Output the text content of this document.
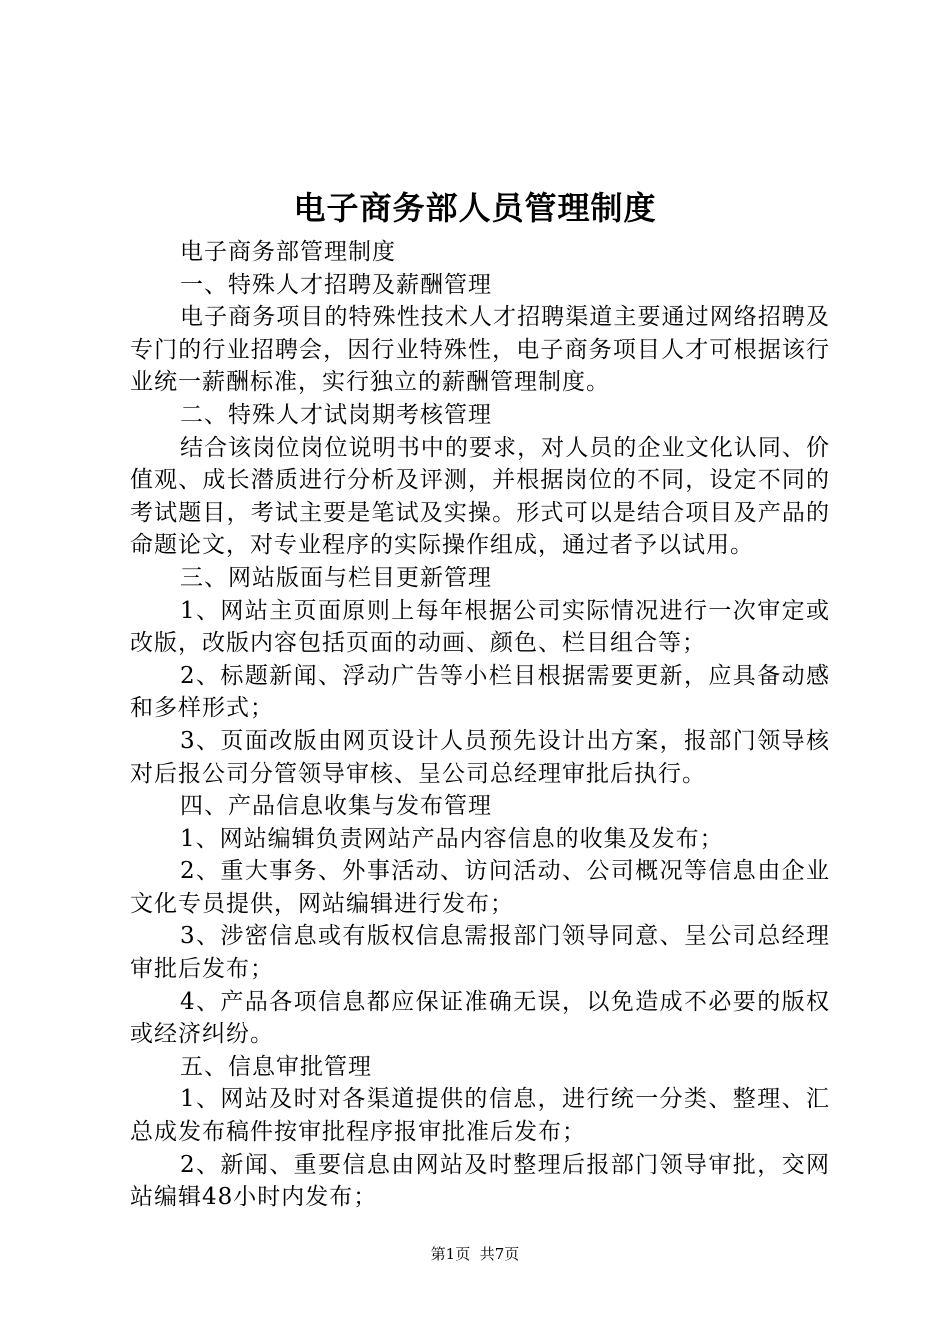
电子商务部人员管理制度

电子商务部管理制度

一、特殊人才招聘及薪酬管理

电子商务项目的特殊性技术人才招聘渠道主要通过网络招聘及专门的行业招聘会，因行业特殊性，电子商务项目人才可根据该行业统一薪酬标准，实行独立的薪酬管理制度。

二、特殊人才试岗期考核管理

结合该岗位岗位说明书中的要求，对人员的企业文化认同、价值观、成长潜质进行分析及评测，并根据岗位的不同，设定不同的考试题目，考试主要是笔试及实操。形式可以是结合项目及产品的命题论文，对专业程序的实际操作组成，通过者予以试用。

三、网站版面与栏目更新管理

1、网站主页面原则上每年根据公司实际情况进行一次审定或改版，改版内容包括页面的动画、颜色、栏目组合等；

2、标题新闻、浮动广告等小栏目根据需要更新，应具备动感和多样形式；

3、页面改版由网页设计人员预先设计出方案，报部门领导核对后报公司分管领导审核、呈公司总经理审批后执行。

四、产品信息收集与发布管理

1、网站编辑负责网站产品内容信息的收集及发布；

2、重大事务、外事活动、访问活动、公司概况等信息由企业文化专员提供，网站编辑进行发布；

3、涉密信息或有版权信息需报部门领导同意、呈公司总经理审批后发布；

4、产品各项信息都应保证准确无误，以免造成不必要的版权或经济纠纷。

五、信息审批管理

1、网站及时对各渠道提供的信息，进行统一分类、整理、汇总成发布稿件按审批程序报审批准后发布；

2、新闻、重要信息由网站及时整理后报部门领导审批，交网站编辑48小时内发布；

第1页 共7页
